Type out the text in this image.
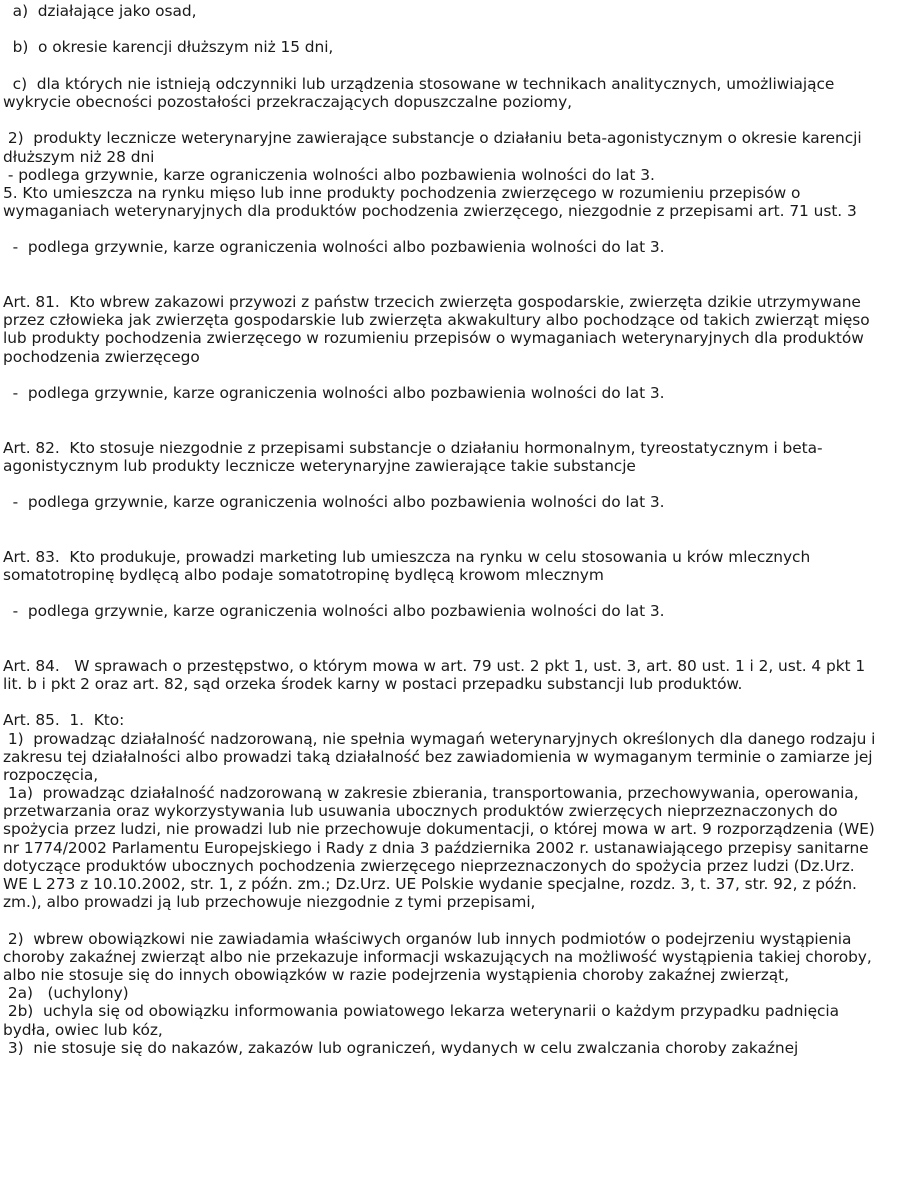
a)  działające jako osad,
b)  o okresie karencji dłuższym niż 15 dni,
c)  dla których nie istnieją odczynniki lub urządzenia stosowane w technikach analitycznych, umożliwiające
wykrycie obecności pozostałości przekraczających dopuszczalne poziomy,
2)  produkty lecznicze weterynaryjne zawierające substancje o działaniu beta-agonistycznym o okresie karencji
dłuższym niż 28 dni
- podlega grzywnie, karze ograniczenia wolności albo pozbawienia wolności do lat 3.
5. Kto umieszcza na rynku mięso lub inne produkty pochodzenia zwierzęcego w rozumieniu przepisów o
wymaganiach weterynaryjnych dla produktów pochodzenia zwierzęcego, niezgodnie z przepisami art. 71 ust. 3
-  podlega grzywnie, karze ograniczenia wolności albo pozbawienia wolności do lat 3.
Art. 81.  Kto wbrew zakazowi przywozi z państw trzecich zwierzęta gospodarskie, zwierzęta dzikie utrzymywane
przez człowieka jak zwierzęta gospodarskie lub zwierzęta akwakultury albo pochodzące od takich zwierząt mięso
lub produkty pochodzenia zwierzęcego w rozumieniu przepisów o wymaganiach weterynaryjnych dla produktów
pochodzenia zwierzęcego
-  podlega grzywnie, karze ograniczenia wolności albo pozbawienia wolności do lat 3.
Art. 82.  Kto stosuje niezgodnie z przepisami substancje o działaniu hormonalnym, tyreostatycznym i beta-
agonistycznym lub produkty lecznicze weterynaryjne zawierające takie substancje
-  podlega grzywnie, karze ograniczenia wolności albo pozbawienia wolności do lat 3.
Art. 83.  Kto produkuje, prowadzi marketing lub umieszcza na rynku w celu stosowania u krów mlecznych
somatotropinę bydlęcą albo podaje somatotropinę bydlęcą krowom mlecznym
-  podlega grzywnie, karze ograniczenia wolności albo pozbawienia wolności do lat 3.
Art. 84.   W sprawach o przestępstwo, o którym mowa w art. 79 ust. 2 pkt 1, ust. 3, art. 80 ust. 1 i 2, ust. 4 pkt 1
lit. b i pkt 2 oraz art. 82, sąd orzeka środek karny w postaci przepadku substancji lub produktów.
Art. 85.  1.  Kto:
1)  prowadząc działalność nadzorowaną, nie spełnia wymagań weterynaryjnych określonych dla danego rodzaju i
zakresu tej działalności albo prowadzi taką działalność bez zawiadomienia w wymaganym terminie o zamiarze jej
rozpoczęcia,
1a)  prowadząc działalność nadzorowaną w zakresie zbierania, transportowania, przechowywania, operowania,
przetwarzania oraz wykorzystywania lub usuwania ubocznych produktów zwierzęcych nieprzeznaczonych do
spożycia przez ludzi, nie prowadzi lub nie przechowuje dokumentacji, o której mowa w art. 9 rozporządzenia (WE)
nr 1774/2002 Parlamentu Europejskiego i Rady z dnia 3 października 2002 r. ustanawiającego przepisy sanitarne
dotyczące produktów ubocznych pochodzenia zwierzęcego nieprzeznaczonych do spożycia przez ludzi (Dz.Urz.
WE L 273 z 10.10.2002, str. 1, z późn. zm.; Dz.Urz. UE Polskie wydanie specjalne, rozdz. 3, t. 37, str. 92, z późn.
zm.), albo prowadzi ją lub przechowuje niezgodnie z tymi przepisami,
2)  wbrew obowiązkowi nie zawiadamia właściwych organów lub innych podmiotów o podejrzeniu wystąpienia
choroby zakaźnej zwierząt albo nie przekazuje informacji wskazujących na możliwość wystąpienia takiej choroby,
albo nie stosuje się do innych obowiązków w razie podejrzenia wystąpienia choroby zakaźnej zwierząt,
2a)   (uchylony)
2b)  uchyla się od obowiązku informowania powiatowego lekarza weterynarii o każdym przypadku padnięcia
bydła, owiec lub kóz,
3)  nie stosuje się do nakazów, zakazów lub ograniczeń, wydanych w celu zwalczania choroby zakaźnej
